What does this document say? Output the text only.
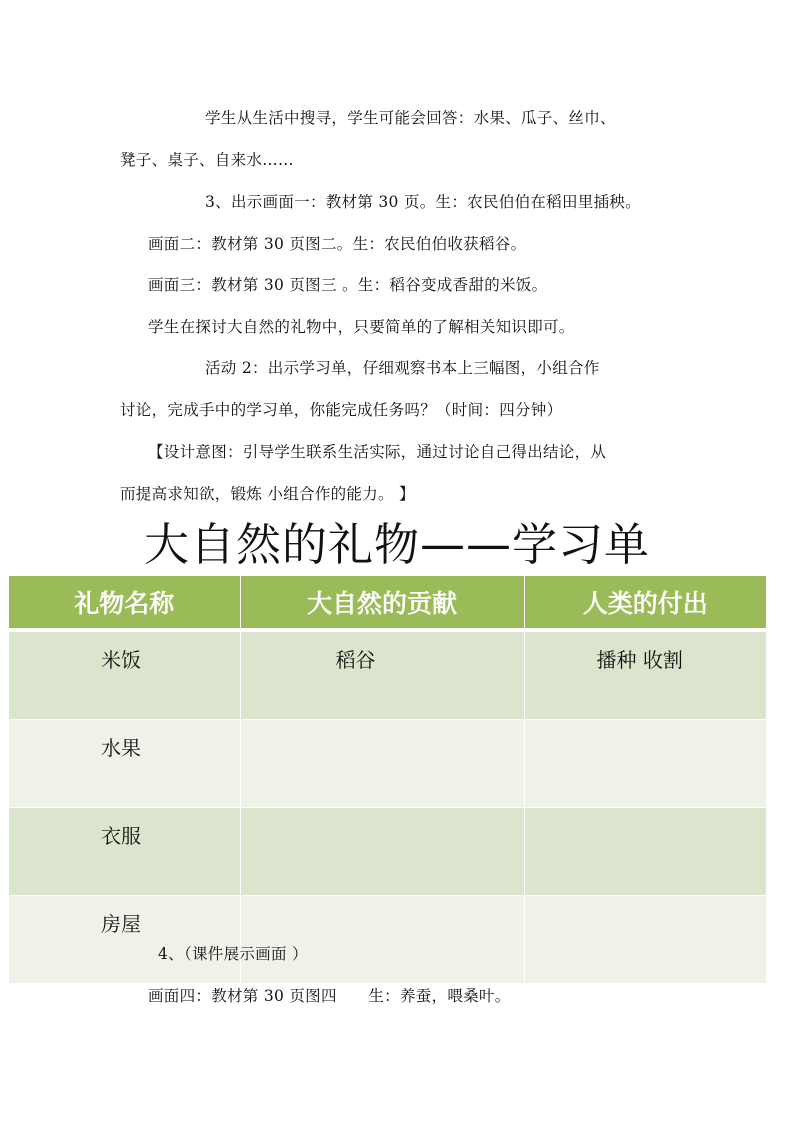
学生从生活中搜寻，学生可能会回答：水果、瓜子、丝巾、
凳子、桌子、自来水……
3、出示画面一：教材第 30 页。生：农民伯伯在稻田里插秧。
画面二：教材第 30 页图二。生：农民伯伯收获稻谷。
画面三：教材第 30 页图三 。生：稻谷变成香甜的米饭。
学生在探讨大自然的礼物中，只要简单的了解相关知识即可。
活动 2：出示学习单，仔细观察书本上三幅图，小组合作
讨论，完成手中的学习单，你能完成任务吗？（时间：四分钟）
【设计意图：引导学生联系生活实际，通过讨论自己得出结论，从
而提高求知欲，锻炼 小组合作的能力。 】
大自然的礼物——学习单
礼物名称	大自然的贡献	人类的付出
米饭	稻谷	播种 收割
水果		
衣服		
房屋		
4、（课件展示画面 ）
画面四：教材第 30 页图四　　生：养蚕，喂桑叶。
